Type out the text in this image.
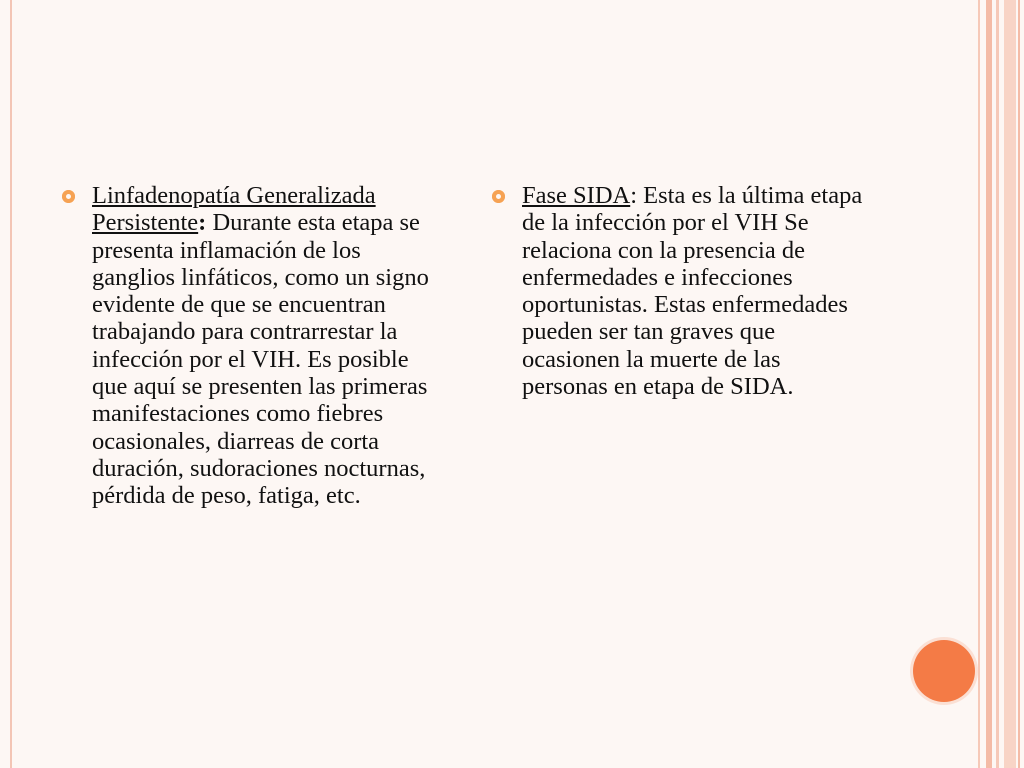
Linfadenopatía Generalizada Persistente: Durante esta etapa se presenta inflamación de los ganglios linfáticos, como un signo evidente de que se encuentran trabajando para contrarrestar la infección por el VIH. Es posible que aquí se presenten las primeras manifestaciones como fiebres ocasionales, diarreas de corta duración, sudoraciones nocturnas, pérdida de peso, fatiga, etc.

Fase SIDA: Esta es la última etapa de la infección por el VIH Se relaciona con la presencia de enfermedades e infecciones oportunistas. Estas enfermedades pueden ser tan graves que ocasionen la muerte de las personas en etapa de SIDA.
